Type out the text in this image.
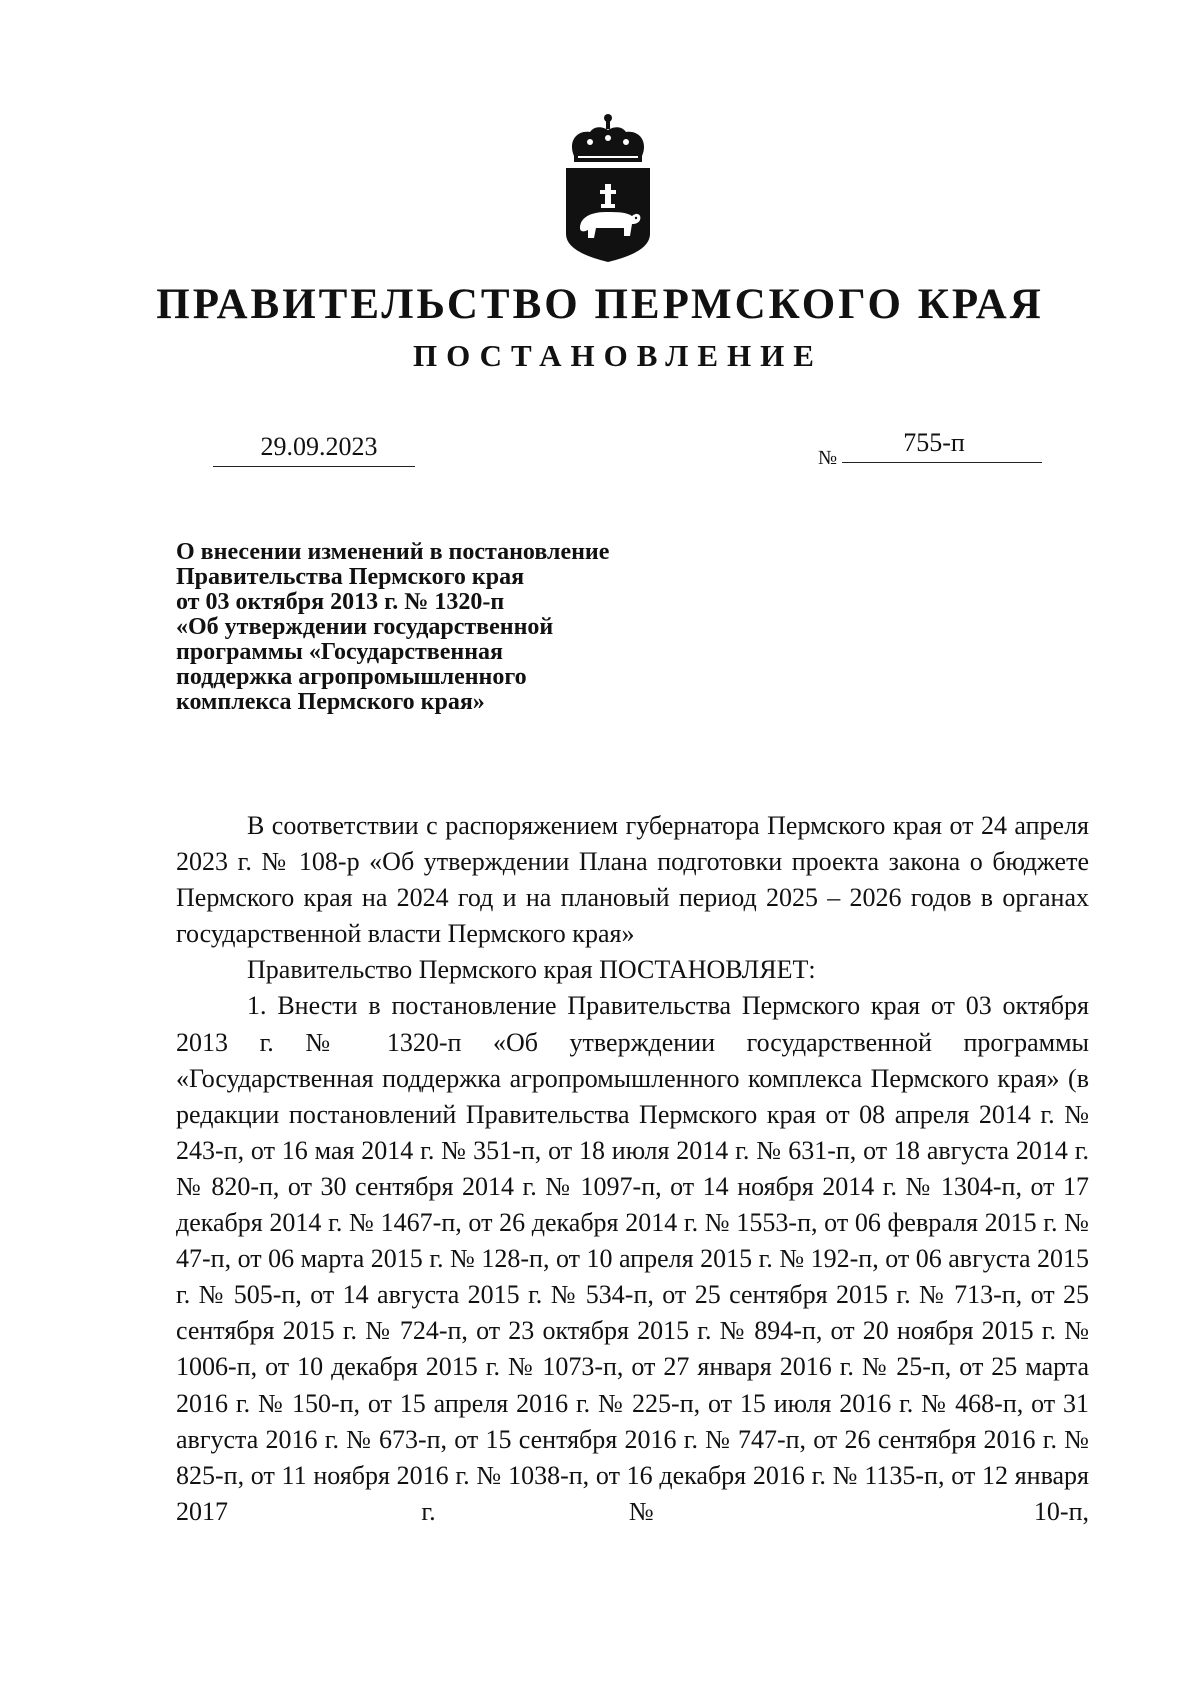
ПРАВИТЕЛЬСТВО ПЕРМСКОГО КРАЯ
ПОСТАНОВЛЕНИЕ
29.09.2023	№
755-п
О внесении изменений в постановление
Правительства Пермского края
от 03 октября 2013 г. № 1320-п
«Об утверждении государственной
программы «Государственная
поддержка агропромышленного
комплекса Пермского края»

В соответствии с распоряжением губернатора Пермского края от 24 апреля 2023 г. № 108-р «Об утверждении Плана подготовки проекта закона о бюджете Пермского края на 2024 год и на плановый период 2025 – 2026 годов в органах государственной власти Пермского края»

Правительство Пермского края ПОСТАНОВЛЯЕТ:

1. Внести в постановление Правительства Пермского края от 03 октября 2013 г. № 1320-п «Об утверждении государственной программы «Государственная поддержка агропромышленного комплекса Пермского края» (в редакции постановлений Правительства Пермского края от 08 апреля 2014 г. № 243-п, от 16 мая 2014 г. № 351-п, от 18 июля 2014 г. № 631-п, от 18 августа 2014 г. № 820-п, от 30 сентября 2014 г. № 1097-п, от 14 ноября 2014 г. № 1304-п, от 17 декабря 2014 г. № 1467-п, от 26 декабря 2014 г. № 1553-п, от 06 февраля 2015 г. № 47-п, от 06 марта 2015 г. № 128-п, от 10 апреля 2015 г. № 192-п, от 06 августа 2015 г. № 505-п, от 14 августа 2015 г. № 534-п, от 25 сентября 2015 г. № 713-п, от 25 сентября 2015 г. № 724-п, от 23 октября 2015 г. № 894-п, от 20 ноября 2015 г. № 1006-п, от 10 декабря 2015 г. № 1073-п, от 27 января 2016 г. № 25-п, от 25 марта 2016 г. № 150-п, от 15 апреля 2016 г. № 225-п, от 15 июля 2016 г. № 468-п, от 31 августа 2016 г. № 673-п, от 15 сентября 2016 г. № 747-п, от 26 сентября 2016 г. № 825-п, от 11 ноября 2016 г. № 1038-п, от 16 декабря 2016 г. № 1135-п, от 12 января 2017 г. № 10-п,
